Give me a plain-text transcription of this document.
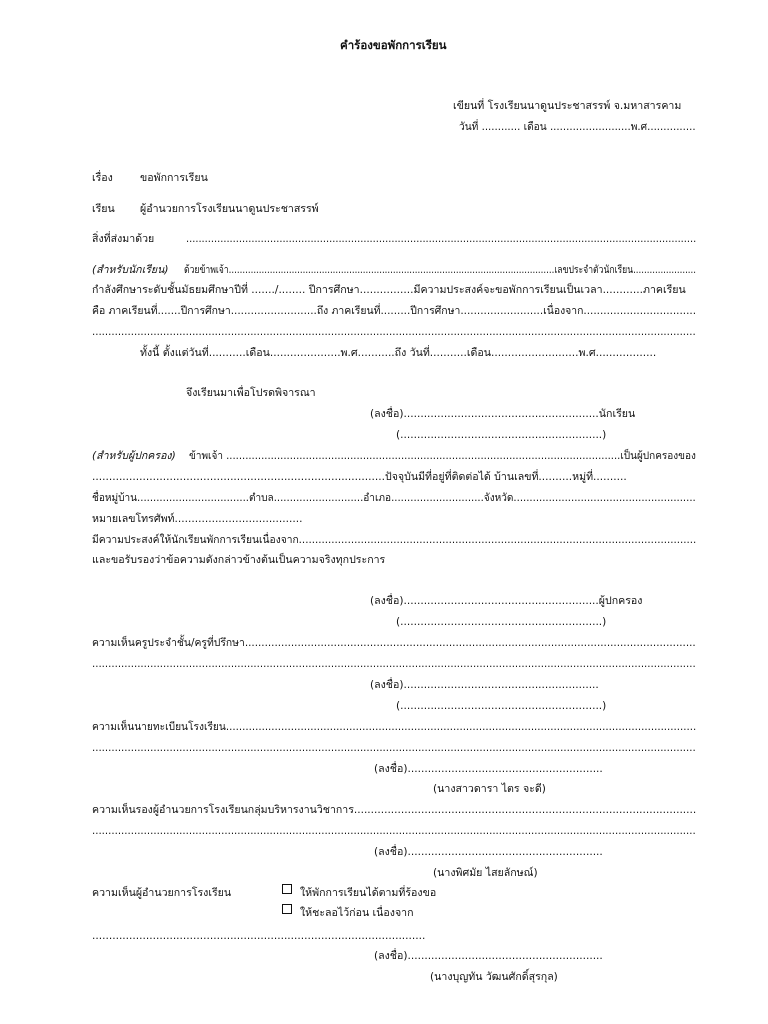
คำร้องขอพักการเรียน
เขียนที่ โรงเรียนนาดูนประชาสรรพ์ จ.มหาสารคาม
วันที่ ............ เดือน .........................พ.ศ...............
เรื่อง	ขอพักการเรียน
เรียน ผู้อำนวยการโรงเรียนนาดูนประชาสรรพ์
สิ่งที่ส่งมาด้วย	....................................................................................................................................................................
(สำหรับนักเรียน) ด้วยข้าพเจ้า.......................................................................................................................เลขประจำตัวนักเรียน.......................
กำลังศึกษาระดับชั้นมัธยมศึกษาปีที่ ......./........ ปีการศึกษา................มีความประสงค์จะขอพักการเรียนเป็นเวลา............ภาคเรียน
คือ ภาคเรียนที่.......ปีการศึกษา..........................ถึง ภาคเรียนที่.........ปีการศึกษา.........................เนื่องจาก..................................
...........................................................................................................................................................................................
ทั้งนี้ ตั้งแต่วันที่...........เดือน.....................พ.ศ...........ถึง วันที่...........เดือน..........................พ.ศ..................
จึงเรียนมาเพื่อโปรดพิจารณา
(ลงชื่อ)..........................................................นักเรียน
(............................................................)
(สำหรับผู้ปกครอง) ข้าพเจ้า ............................................................................................................................เป็นผู้ปกครองของ
.......................................................................................ปัจจุบันมีที่อยู่ที่ติดต่อได้ บ้านเลขที่..........หมู่ที่..........
ชื่อหมู่บ้าน...................................ตำบล............................อำเภอ.............................จังหวัด.........................................................
หมายเลขโทรศัพท์......................................
มีความประสงค์ให้นักเรียนพักการเรียนเนื่องจาก..........................................................................................................................
และขอรับรองว่าข้อความดังกล่าวข้างต้นเป็นความจริงทุกประการ
(ลงชื่อ)..........................................................ผู้ปกครอง
(............................................................)
ความเห็นครูประจำชั้น/ครูที่ปรึกษา.........................................................................................................................................
...........................................................................................................................................................................................
(ลงชื่อ)..........................................................
(............................................................)
ความเห็นนายทะเบียนโรงเรียน.................................................................................................................................................
...........................................................................................................................................................................................
(ลงชื่อ)..........................................................
(นางสาวดารา ไตร จะดี)
ความเห็นรองผู้อำนวยการโรงเรียนกลุ่มบริหารงานวิชาการ......................................................................................................
...........................................................................................................................................................................................
(ลงชื่อ)..........................................................
(นางพิศมัย ไสยลักษณ์)
ความเห็นผู้อำนวยการโรงเรียน	ให้พักการเรียนได้ตามที่ร้องขอ
ให้ชะลอไว้ก่อน เนื่องจาก
...................................................................................................
(ลงชื่อ)..........................................................
(นางบุญทัน วัฒนศักดิ์สุรกุล)
